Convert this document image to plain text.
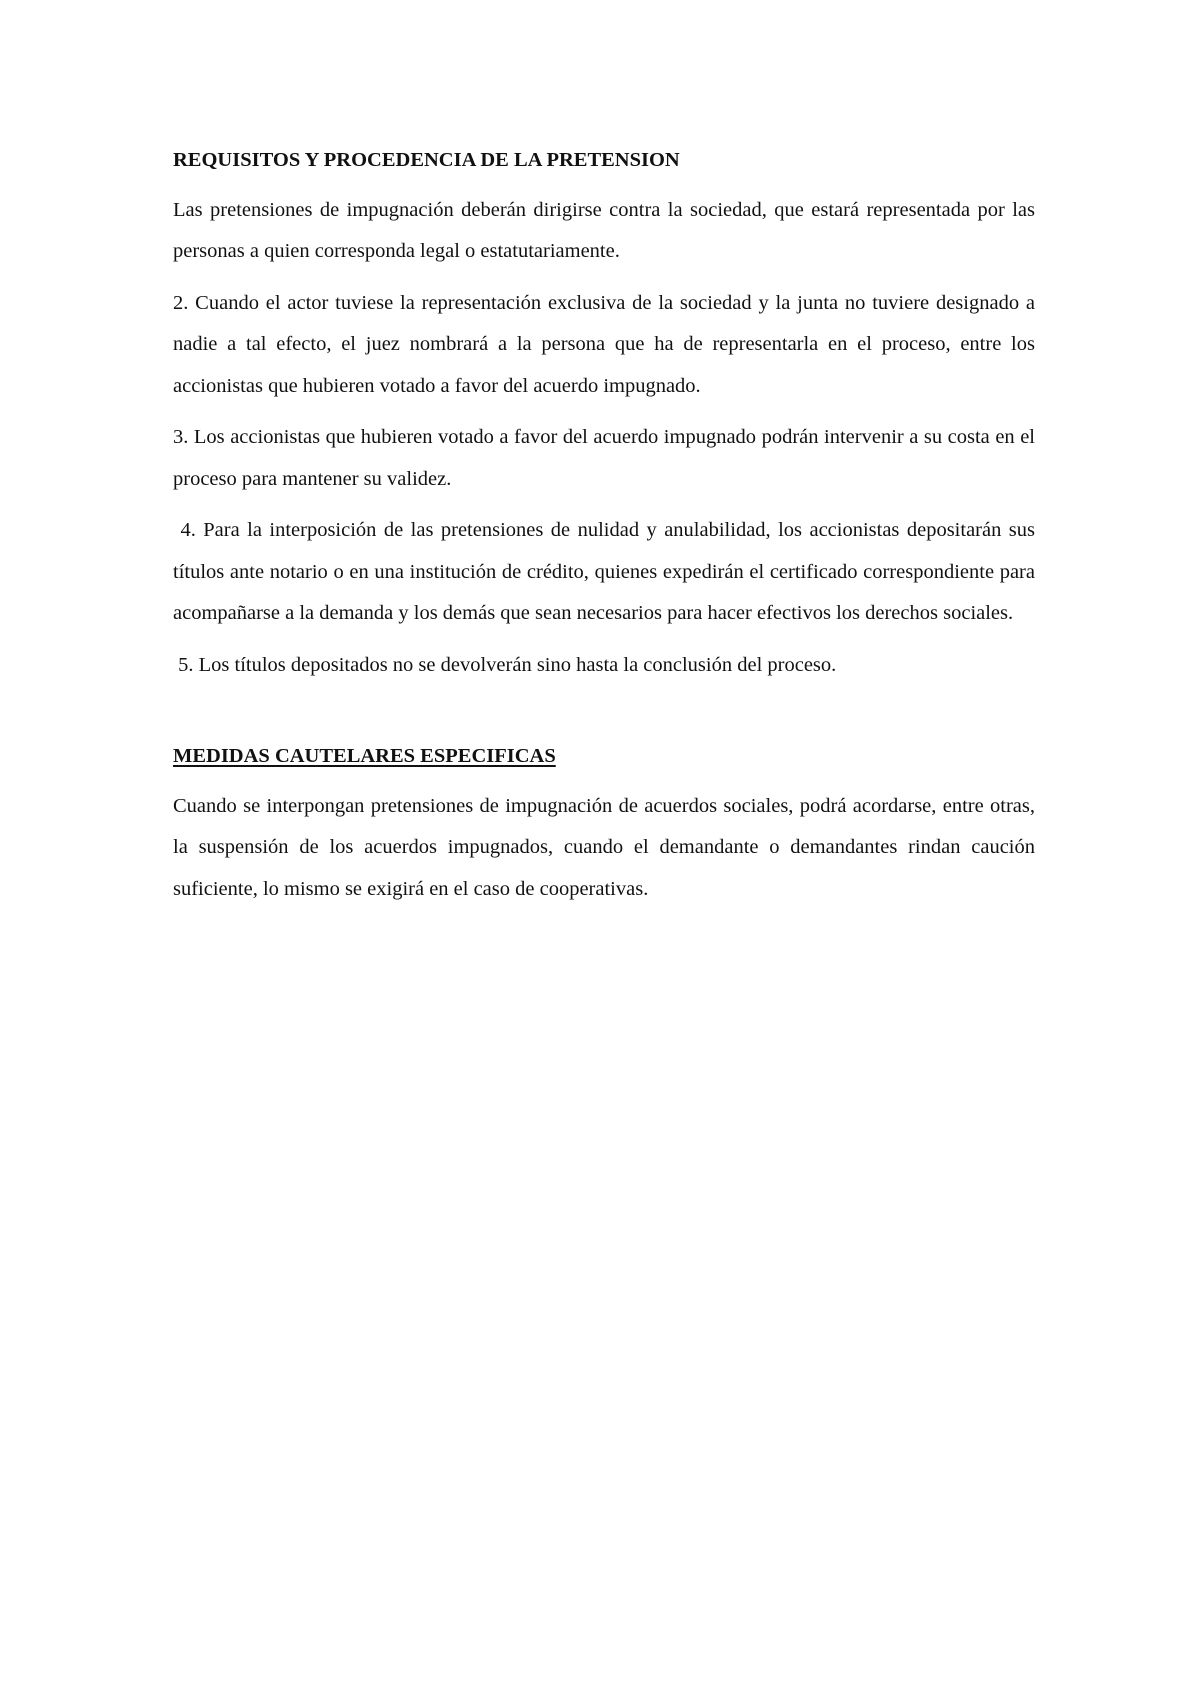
REQUISITOS Y PROCEDENCIA DE LA PRETENSION

Las pretensiones de impugnación deberán dirigirse contra la sociedad, que estará representada por las personas a quien corresponda legal o estatutariamente.

2. Cuando el actor tuviese la representación exclusiva de la sociedad y la junta no tuviere designado a nadie a tal efecto, el juez nombrará a la persona que ha de representarla en el proceso, entre los accionistas que hubieren votado a favor del acuerdo impugnado.

3. Los accionistas que hubieren votado a favor del acuerdo impugnado podrán intervenir a su costa en el proceso para mantener su validez.

4. Para la interposición de las pretensiones de nulidad y anulabilidad, los accionistas depositarán sus títulos ante notario o en una institución de crédito, quienes expedirán el certificado correspondiente para acompañarse a la demanda y los demás que sean necesarios para hacer efectivos los derechos sociales.

5. Los títulos depositados no se devolverán sino hasta la conclusión del proceso.

MEDIDAS CAUTELARES ESPECIFICAS

Cuando se interpongan pretensiones de impugnación de acuerdos sociales, podrá acordarse, entre otras, la suspensión de los acuerdos impugnados, cuando el demandante o demandantes rindan caución suficiente, lo mismo se exigirá en el caso de cooperativas.
